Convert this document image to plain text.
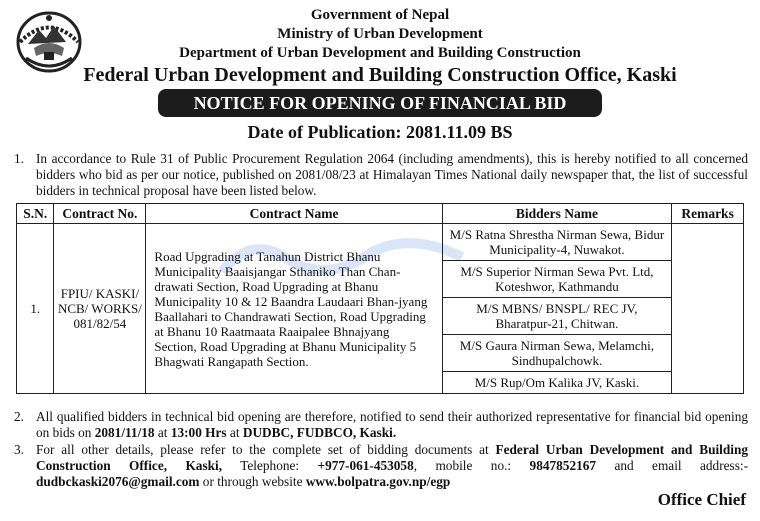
Government of Nepal
Ministry of Urban Development
Department of Urban Development and Building Construction
Federal Urban Development and Building Construction Office, Kaski
NOTICE FOR OPENING OF FINANCIAL BID
Date of Publication: 2081.11.09 BS
1. In accordance to Rule 31 of Public Procurement Regulation 2064 (including amendments), this is hereby notified to all concerned bidders who bid as per our notice, published on 2081/08/23 at Himalayan Times National daily newspaper that, the list of successful bidders in technical proposal have been listed below.
S.N.	Contract No.	Contract Name	Bidders Name	Remarks
1.	FPIU/ KASKI/ NCB/ WORKS/ 081/82/54	Road Upgrading at Tanahun District Bhanu Municipality Baaisjangar Sthaniko Than Chan-drawati Section, Road Upgrading at Bhanu Municipality 10 & 12 Baandra Laudaari Bhan-jyang Baallahari to Chandrawati Section, Road Upgrading at Bhanu 10 Raatmaata Raaipalee Bhnajyang Section, Road Upgrading at Bhanu Municipality 5 Bhagwati Rangapath Section.	M/S Ratna Shrestha Nirman Sewa, Bidur Municipality-4, Nuwakot.	
			M/S Superior Nirman Sewa Pvt. Ltd, Koteshwor, Kathmandu	
			M/S MBNS/ BNSPL/ REC JV, Bharatpur-21, Chitwan.	
			M/S Gaura Nirman Sewa, Melamchi, Sindhupalchowk.	
			M/S Rup/Om Kalika JV, Kaski.	
2. All qualified bidders in technical bid opening are therefore, notified to send their authorized representative for financial bid opening on bids on 2081/11/18 at 13:00 Hrs at DUDBC, FUDBCO, Kaski.
3. For all other details, please refer to the complete set of bidding documents at Federal Urban Development and Building Construction Office, Kaski, Telephone: +977-061-453058, mobile no.: 9847852167 and email address:- dudbckaski2076@gmail.com or through website www.bolpatra.gov.np/egp
Office Chief
